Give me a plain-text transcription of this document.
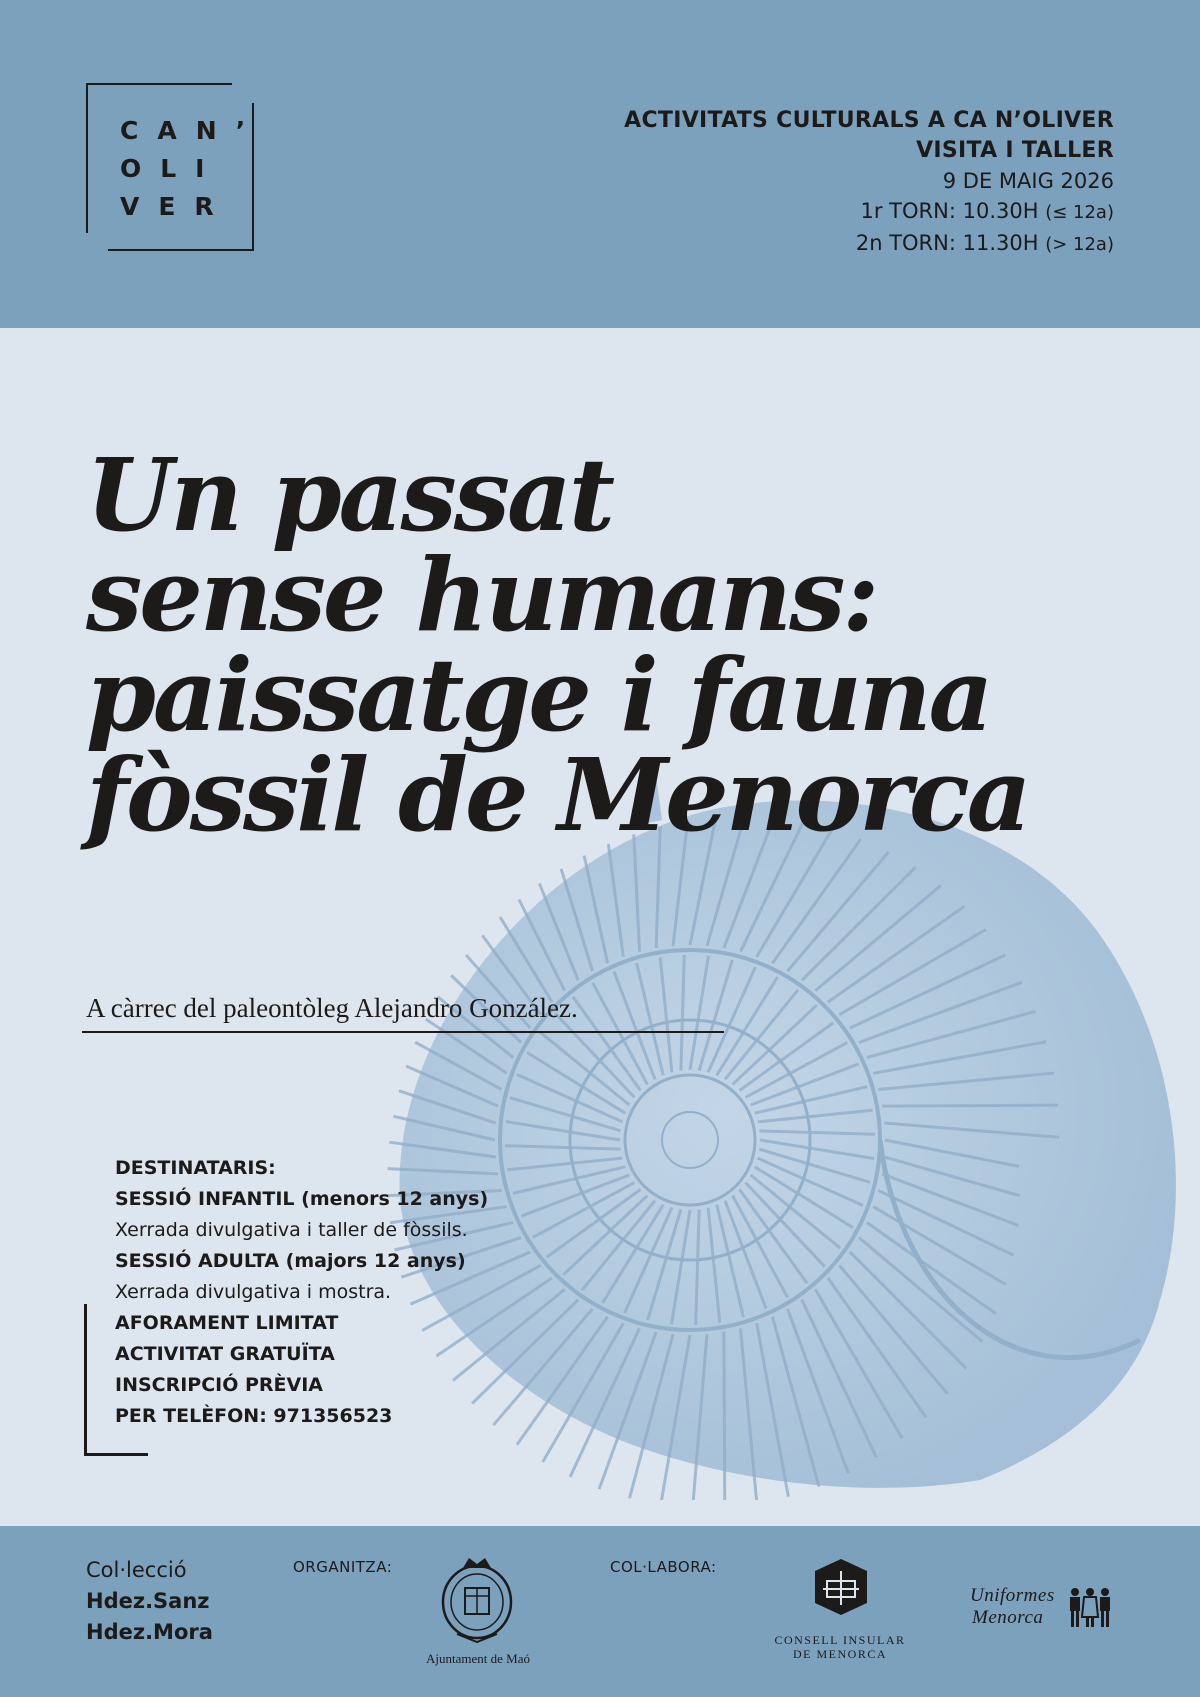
CAN’
OLI
VER
ACTIVITATS CULTURALS A CA N’OLIVER
VISITA I TALLER
9 DE MAIG 2026
1r TORN: 10.30H (≤ 12a)
2n TORN: 11.30H (> 12a)
Un passat
sense humans:
paissatge i fauna
fòssil de Menorca
A càrrec del paleontòleg Alejandro González.
DESTINATARIS:
SESSIÓ INFANTIL (menors 12 anys)
Xerrada divulgativa i taller de fòssils.
SESSIÓ ADULTA (majors 12 anys)
Xerrada divulgativa i mostra.
AFORAMENT LIMITAT
ACTIVITAT GRATUÏTA
INSCRIPCIÓ PRÈVIA
PER TELÈFON: 971356523
Col·lecció
Hdez.Sanz
Hdez.Mora
ORGANITZA:
Ajuntament de Maó
COL·LABORA:
CONSELL INSULAR
DE MENORCA
Uniformes
Menorca
